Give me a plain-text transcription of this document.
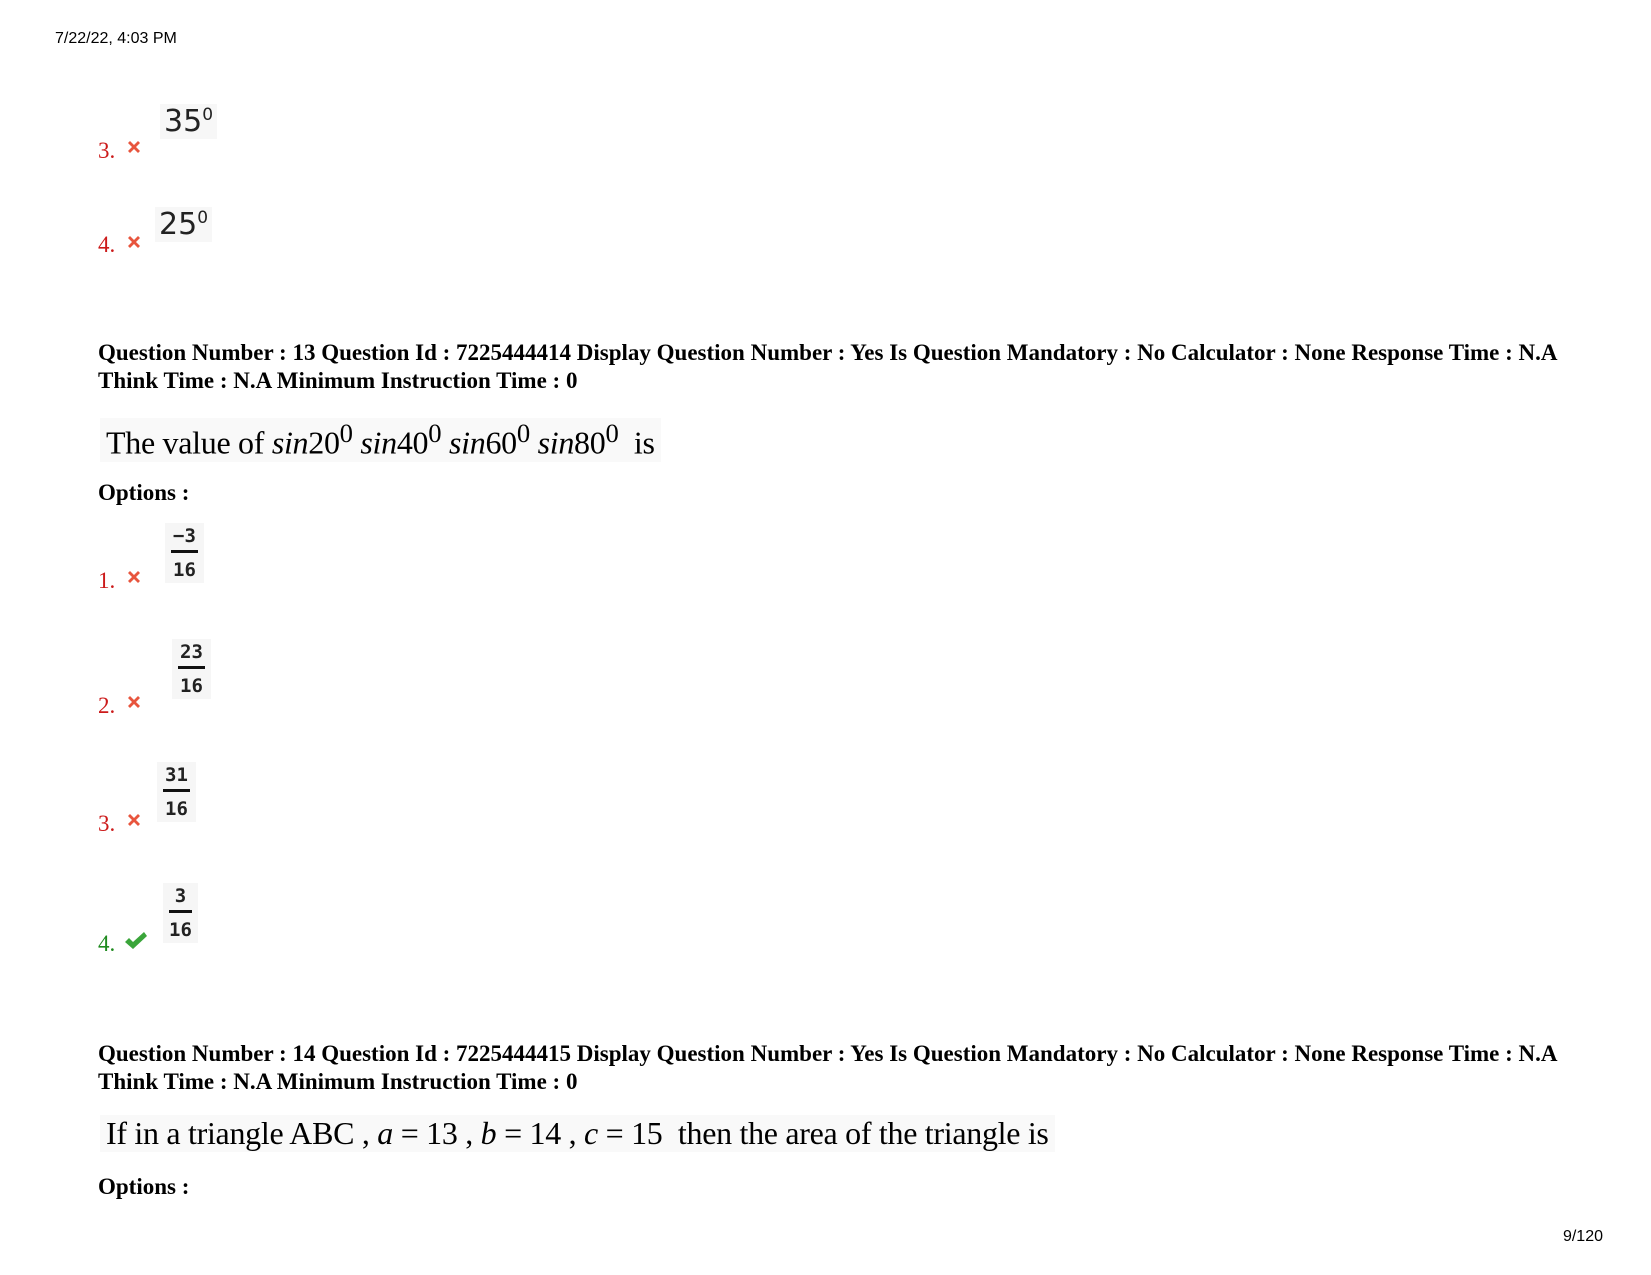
7/22/22, 4:03 PM
9/120
3.
$35^0$
4.
$25^0$
Question Number : 13 Question Id : 7225444414 Display Question Number : Yes Is Question Mandatory : No Calculator : None Response Time : N.A Think Time : N.A Minimum Instruction Time : 0
The value of $\sin 20^0$ $\sin 40^0$ $\sin 60^0$ $\sin 80^0$ is
Options :
1.	$\frac{-3}{16}$
2.
$\frac{23}{16}$
3.
$\frac{31}{16}$
4.
$\frac{3}{16}$
Question Number : 14 Question Id : 7225444415 Display Question Number : Yes Is Question Mandatory : No Calculator : None Response Time : N.A Think Time : N.A Minimum Instruction Time : 0
If in a triangle ABC , a = 13 , b = 14 , c = 15 then the area of the triangle is
Options :
